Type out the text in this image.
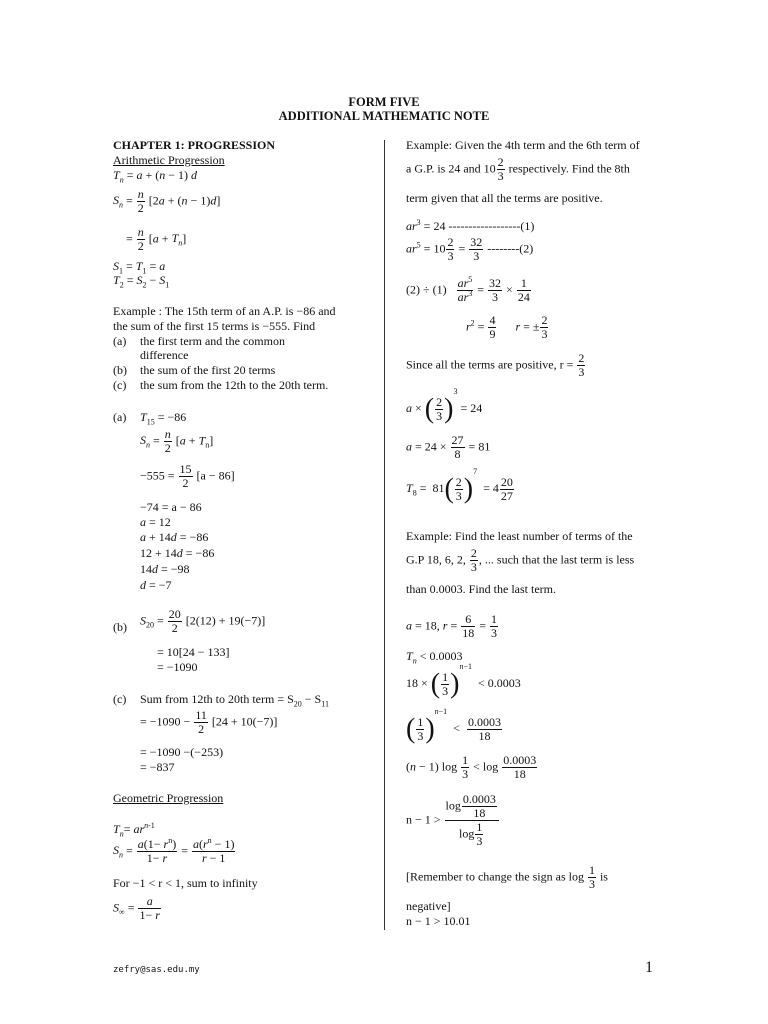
FORM FIVE
ADDITIONAL MATHEMATIC NOTE
CHAPTER 1: PROGRESSION
Arithmetic Progression
$T_n = a + (n - 1)$ d
$S_n = \frac{n}{2} [2a + (n - 1)d]$
= $\frac{n}{2} [a + T_n]$
$S_1 = T_1 = a$
$T_2 = S_2 - S_1$
Example : The 15th term of an A.P. is −86 and
the sum of the first 15 terms is −555. Find
(a) the first term and the common
difference
(b) the sum of the first 20 terms
(c) the sum from the 12th to the 20th term.
(a) $T_{15} = -86$
$S_n = \frac{n}{2} [a + T_n]$
$-555 = \frac{15}{2} [a - 86]$
−74 = a − 86
a = 12
a + 14d = −86
12 + 14d = −86
14d = −98
d = −7
(b) $S_{20} = \frac{20}{2} [2(12) + 19(-7)]$
= 10[24 − 133]
= −1090
(c) Sum from 12th to 20th term = $S_{20} - S_{11}$
= $-1090 - \frac{11}{2} [24 + 10(-7)]$
= −1090 −(−253)
= −837
Geometric Progression
$T_n= ar^{n-1}$
$S_n = \frac{a(1- r^n)}{1- r} = \frac{a(r^n - 1)}{r - 1}$
For −1 < r < 1, sum to infinity
$S_\infty = \frac{a}{1- r}$
Example: Given the 4th term and the 6th term of
a G.P. is 24 and $10 \frac{2}{3}$ respectively. Find the 8th
term given that all the terms are positive.
$ar^3 = 24$ ------------------(1)
$ar^5 = 10 \frac{2}{3} = \frac{32}{3} --------(2)$
$(2) \div (1) \frac{ar^5}{ar^3} = \frac{32}{3} \times \frac{1}{24}$
$r^2 = \frac{4}{9}$ r = ± $\frac{2}{3}$
Since all the terms are positive, $r = \frac{2}{3}$
a × ( $\frac{2}{3} )^3 = 24$
$a = 24 \times \frac{27}{8} = 81$
$T_8 = 81( \frac{2}{3} )^7 = 4 \frac{20}{27}$
Example: Find the least number of terms of the
G.P 18, 6, 2, $\frac{2}{3}$ , ... such that the last term is less
than 0.0003. Find the last term.
a = 18, $r = \frac{6}{18} = \frac{1}{3}$
$T_n < 0.0003$
18 × ( $\frac{1}{3} )^{n-1} < 0.0003$
( $\frac{1}{3} )^{n-1} < \frac{0.0003}{18}$
(n − 1) $\log \frac{1}{3} < \log \frac{0.0003}{18}$
$n - 1 > \frac{\log \frac{0.0003}{18}}{\log \frac{1}{3}}$
[Remember to change the sign as $\log \frac{1}{3}$ is
negative]
n − 1 > 10.01
zefry@sas.edu.my	1
